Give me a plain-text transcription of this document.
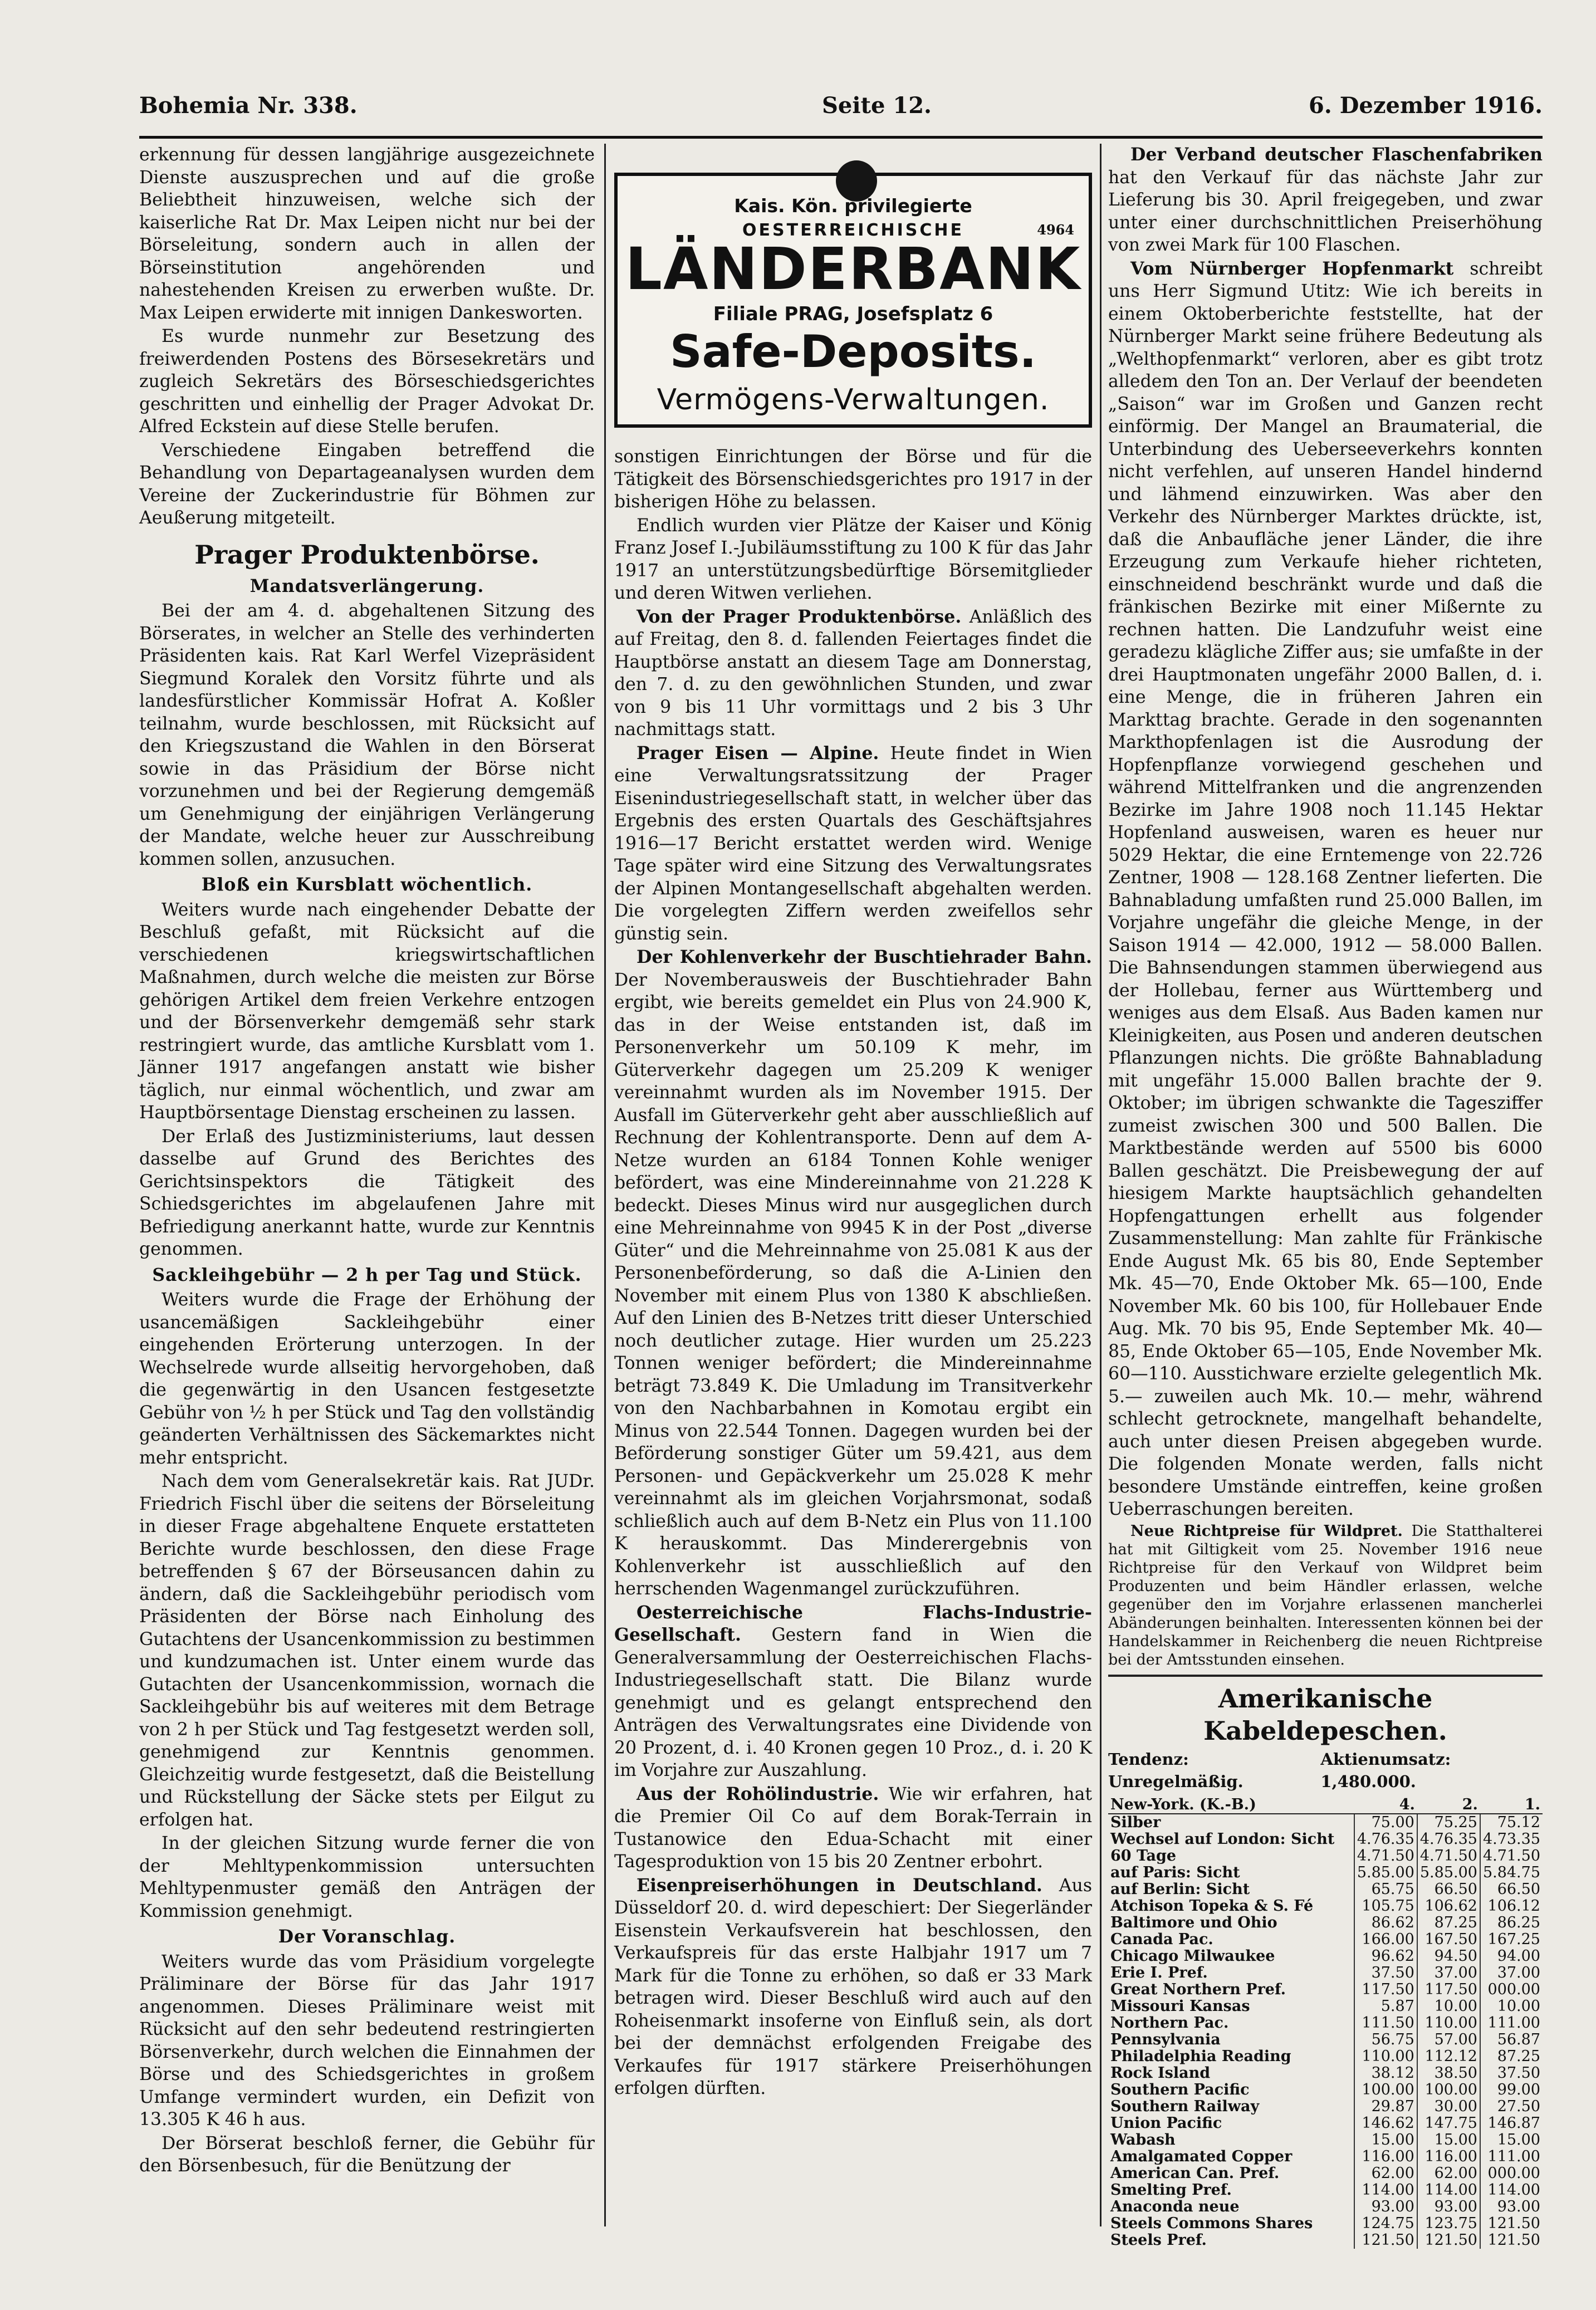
Bohemia Nr. 338.	Seite 12.	6. Dezember 1916.

erkennung für dessen langjährige ausgezeichnete Dienste auszusprechen und auf die große Beliebtheit hinzuweisen, welche sich der kaiserliche Rat Dr. Max Leipen nicht nur bei der Börseleitung, sondern auch in allen der Börseinstitution angehörenden und nahestehenden Kreisen zu erwerben wußte. Dr. Max Leipen erwiderte mit innigen Dankesworten.

Es wurde nunmehr zur Besetzung des freiwerdenden Postens des Börsesekretärs und zugleich Sekretärs des Börseschiedsgerichtes geschritten und einhellig der Prager Advokat Dr. Alfred Eckstein auf diese Stelle berufen.

Verschiedene Eingaben betreffend die Behandlung von Departageanalysen wurden dem Vereine der Zuckerindustrie für Böhmen zur Aeußerung mitgeteilt.

Prager Produktenbörse.
Mandatsverlängerung.

Bei der am 4. d. abgehaltenen Sitzung des Börserates, in welcher an Stelle des verhinderten Präsidenten kais. Rat Karl Werfel Vizepräsident Siegmund Koralek den Vorsitz führte und als landesfürstlicher Kommissär Hofrat A. Koßler teilnahm, wurde beschlossen, mit Rücksicht auf den Kriegszustand die Wahlen in den Börserat sowie in das Präsidium der Börse nicht vorzunehmen und bei der Regierung demgemäß um Genehmigung der einjährigen Verlängerung der Mandate, welche heuer zur Ausschreibung kommen sollen, anzusuchen.

Bloß ein Kursblatt wöchentlich.

Weiters wurde nach eingehender Debatte der Beschluß gefaßt, mit Rücksicht auf die verschiedenen kriegswirtschaftlichen Maßnahmen, durch welche die meisten zur Börse gehörigen Artikel dem freien Verkehre entzogen und der Börsenverkehr demgemäß sehr stark restringiert wurde, das amtliche Kursblatt vom 1. Jänner 1917 angefangen anstatt wie bisher täglich, nur einmal wöchentlich, und zwar am Hauptbörsentage Dienstag erscheinen zu lassen.

Der Erlaß des Justizministeriums, laut dessen dasselbe auf Grund des Berichtes des Gerichtsinspektors die Tätigkeit des Schiedsgerichtes im abgelaufenen Jahre mit Befriedigung anerkannt hatte, wurde zur Kenntnis genommen.

Sackleihgebühr — 2 h per Tag und Stück.

Weiters wurde die Frage der Erhöhung der usancemäßigen Sackleihgebühr einer eingehenden Erörterung unterzogen. In der Wechselrede wurde allseitig hervorgehoben, daß die gegenwärtig in den Usancen festgesetzte Gebühr von ½ h per Stück und Tag den vollständig geänderten Verhältnissen des Säckemarktes nicht mehr entspricht.

Nach dem vom Generalsekretär kais. Rat JUDr. Friedrich Fischl über die seitens der Börseleitung in dieser Frage abgehaltene Enquete erstatteten Berichte wurde beschlossen, den diese Frage betreffenden § 67 der Börseusancen dahin zu ändern, daß die Sackleihgebühr periodisch vom Präsidenten der Börse nach Einholung des Gutachtens der Usancenkommission zu bestimmen und kundzumachen ist. Unter einem wurde das Gutachten der Usancenkommission, wornach die Sackleihgebühr bis auf weiteres mit dem Betrage von 2 h per Stück und Tag festgesetzt werden soll, genehmigend zur Kenntnis genommen. Gleichzeitig wurde festgesetzt, daß die Beistellung und Rückstellung der Säcke stets per Eilgut zu erfolgen hat.

In der gleichen Sitzung wurde ferner die von der Mehltypenkommission untersuchten Mehltypenmuster gemäß den Anträgen der Kommission genehmigt.

Der Voranschlag.

Weiters wurde das vom Präsidium vorgelegte Präliminare der Börse für das Jahr 1917 angenommen. Dieses Präliminare weist mit Rücksicht auf den sehr bedeutend restringierten Börsenverkehr, durch welchen die Einnahmen der Börse und des Schiedsgerichtes in großem Umfange vermindert wurden, ein Defizit von 13.305 K 46 h aus.

Der Börserat beschloß ferner, die Gebühr für den Börsenbesuch, für die Benützung der

Kais. Kön. privilegierte
OESTERREICHISCHE	4964
LÄNDERBANK
Filiale PRAG, Josefsplatz 6
Safe-Deposits.
Vermögens-Verwaltungen.

sonstigen Einrichtungen der Börse und für die Tätigkeit des Börsenschiedsgerichtes pro 1917 in der bisherigen Höhe zu belassen.

Endlich wurden vier Plätze der Kaiser und König Franz Josef I.-Jubiläumsstiftung zu 100 K für das Jahr 1917 an unterstützungsbedürftige Börsemitglieder und deren Witwen verliehen.

Von der Prager Produktenbörse. Anläßlich des auf Freitag, den 8. d. fallenden Feiertages findet die Hauptbörse anstatt an diesem Tage am Donnerstag, den 7. d. zu den gewöhnlichen Stunden, und zwar von 9 bis 11 Uhr vormittags und 2 bis 3 Uhr nachmittags statt.

Prager Eisen — Alpine. Heute findet in Wien eine Verwaltungsratssitzung der Prager Eisenindustriegesellschaft statt, in welcher über das Ergebnis des ersten Quartals des Geschäftsjahres 1916—17 Bericht erstattet werden wird. Wenige Tage später wird eine Sitzung des Verwaltungsrates der Alpinen Montangesellschaft abgehalten werden. Die vorgelegten Ziffern werden zweifellos sehr günstig sein.

Der Kohlenverkehr der Buschtiehrader Bahn. Der Novemberausweis der Buschtiehrader Bahn ergibt, wie bereits gemeldet ein Plus von 24.900 K, das in der Weise entstanden ist, daß im Personenverkehr um 50.109 K mehr, im Güterverkehr dagegen um 25.209 K weniger vereinnahmt wurden als im November 1915. Der Ausfall im Güterverkehr geht aber ausschließlich auf Rechnung der Kohlentransporte. Denn auf dem A-Netze wurden an 6184 Tonnen Kohle weniger befördert, was eine Mindereinnahme von 21.228 K bedeckt. Dieses Minus wird nur ausgeglichen durch eine Mehreinnahme von 9945 K in der Post „diverse Güter“ und die Mehreinnahme von 25.081 K aus der Personenbeförderung, so daß die A-Linien den November mit einem Plus von 1380 K abschließen. Auf den Linien des B-Netzes tritt dieser Unterschied noch deutlicher zutage. Hier wurden um 25.223 Tonnen weniger befördert; die Mindereinnahme beträgt 73.849 K. Die Umladung im Transitverkehr von den Nachbarbahnen in Komotau ergibt ein Minus von 22.544 Tonnen. Dagegen wurden bei der Beförderung sonstiger Güter um 59.421, aus dem Personen- und Gepäckverkehr um 25.028 K mehr vereinnahmt als im gleichen Vorjahrsmonat, sodaß schließlich auch auf dem B-Netz ein Plus von 11.100 K herauskommt. Das Minderergebnis von Kohlenverkehr ist ausschließlich auf den herrschenden Wagenmangel zurückzuführen.

Oesterreichische Flachs-Industrie-Gesellschaft. Gestern fand in Wien die Generalversammlung der Oesterreichischen Flachs-Industriegesellschaft statt. Die Bilanz wurde genehmigt und es gelangt entsprechend den Anträgen des Verwaltungsrates eine Dividende von 20 Prozent, d. i. 40 Kronen gegen 10 Proz., d. i. 20 K im Vorjahre zur Auszahlung.

Aus der Rohölindustrie. Wie wir erfahren, hat die Premier Oil Co auf dem Borak-Terrain in Tustanowice den Edua-Schacht mit einer Tagesproduktion von 15 bis 20 Zentner erbohrt.

Eisenpreiserhöhungen in Deutschland. Aus Düsseldorf 20. d. wird depeschiert: Der Siegerländer Eisenstein Verkaufsverein hat beschlossen, den Verkaufspreis für das erste Halbjahr 1917 um 7 Mark für die Tonne zu erhöhen, so daß er 33 Mark betragen wird. Dieser Beschluß wird auch auf den Roheisenmarkt insoferne von Einfluß sein, als dort bei der demnächst erfolgenden Freigabe des Verkaufes für 1917 stärkere Preiserhöhungen erfolgen dürften.

Der Verband deutscher Flaschenfabriken hat den Verkauf für das nächste Jahr zur Lieferung bis 30. April freigegeben, und zwar unter einer durchschnittlichen Preiserhöhung von zwei Mark für 100 Flaschen.

Vom Nürnberger Hopfenmarkt schreibt uns Herr Sigmund Utitz: Wie ich bereits in einem Oktoberberichte feststellte, hat der Nürnberger Markt seine frühere Bedeutung als „Welthopfenmarkt“ verloren, aber es gibt trotz alledem den Ton an. Der Verlauf der beendeten „Saison“ war im Großen und Ganzen recht einförmig. Der Mangel an Braumaterial, die Unterbindung des Ueberseeverkehrs konnten nicht verfehlen, auf unseren Handel hindernd und lähmend einzuwirken. Was aber den Verkehr des Nürnberger Marktes drückte, ist, daß die Anbaufläche jener Länder, die ihre Erzeugung zum Verkaufe hieher richteten, einschneidend beschränkt wurde und daß die fränkischen Bezirke mit einer Mißernte zu rechnen hatten. Die Landzufuhr weist eine geradezu klägliche Ziffer aus; sie umfaßte in der drei Hauptmonaten ungefähr 2000 Ballen, d. i. eine Menge, die in früheren Jahren ein Markttag brachte. Gerade in den sogenannten Markthopfenlagen ist die Ausrodung der Hopfenpflanze vorwiegend geschehen und während Mittelfranken und die angrenzenden Bezirke im Jahre 1908 noch 11.145 Hektar Hopfenland ausweisen, waren es heuer nur 5029 Hektar, die eine Erntemenge von 22.726 Zentner, 1908 — 128.168 Zentner lieferten. Die Bahnabladung umfaßten rund 25.000 Ballen, im Vorjahre ungefähr die gleiche Menge, in der Saison 1914 — 42.000, 1912 — 58.000 Ballen. Die Bahnsendungen stammen überwiegend aus der Hollebau, ferner aus Württemberg und weniges aus dem Elsaß. Aus Baden kamen nur Kleinigkeiten, aus Posen und anderen deutschen Pflanzungen nichts. Die größte Bahnabladung mit ungefähr 15.000 Ballen brachte der 9. Oktober; im übrigen schwankte die Tagesziffer zumeist zwischen 300 und 500 Ballen. Die Marktbestände werden auf 5500 bis 6000 Ballen geschätzt. Die Preisbewegung der auf hiesigem Markte hauptsächlich gehandelten Hopfengattungen erhellt aus folgender Zusammenstellung: Man zahlte für Fränkische Ende August Mk. 65 bis 80, Ende September Mk. 45—70, Ende Oktober Mk. 65—100, Ende November Mk. 60 bis 100, für Hollebauer Ende Aug. Mk. 70 bis 95, Ende September Mk. 40—85, Ende Oktober 65—105, Ende November Mk. 60—110. Ausstichware erzielte gelegentlich Mk. 5.— zuweilen auch Mk. 10.— mehr, während schlecht getrocknete, mangelhaft behandelte, auch unter diesen Preisen abgegeben wurde. Die folgenden Monate werden, falls nicht besondere Umstände eintreffen, keine großen Ueberraschungen bereiten.

Neue Richtpreise für Wildpret. Die Statthalterei hat mit Giltigkeit vom 25. November 1916 neue Richtpreise für den Verkauf von Wildpret beim Produzenten und beim Händler erlassen, welche gegenüber den im Vorjahre erlassenen mancherlei Abänderungen beinhalten. Interessenten können bei der Handelskammer in Reichenberg die neuen Richtpreise bei der Amtsstunden einsehen.

Amerikanische Kabeldepeschen.
Tendenz: Unregelmäßig.
Aktienumsatz: 1,480.000.
New-York. (K.-B.)	4.	2.	1.
Silber	75.00	75.25	75.12
Wechsel auf London: Sicht	4.76.35	4.76.35	4.73.35
60 Tage	4.71.50	4.71.50	4.71.50
auf Paris: Sicht	5.85.00	5.85.00	5.84.75
auf Berlin: Sicht	65.75	66.50	66.50
Atchison Topeka & S. Fé	105.75	106.62	106.12
Baltimore und Ohio	86.62	87.25	86.25
Canada Pac.	166.00	167.50	167.25
Chicago Milwaukee	96.62	94.50	94.00
Erie I. Pref.	37.50	37.00	37.00
Great Northern Pref.	117.50	117.50	000.00
Missouri Kansas	5.87	10.00	10.00
Northern Pac.	111.50	110.00	111.00
Pennsylvania	56.75	57.00	56.87
Philadelphia Reading	110.00	112.12	87.25
Rock Island	38.12	38.50	37.50
Southern Pacific	100.00	100.00	99.00
Southern Railway	29.87	30.00	27.50
Union Pacific	146.62	147.75	146.87
Wabash	15.00	15.00	15.00
Amalgamated Copper	116.00	116.00	111.00
American Can. Pref.	62.00	62.00	000.00
Smelting Pref.	114.00	114.00	114.00
Anaconda neue	93.00	93.00	93.00
Steels Commons Shares	124.75	123.75	121.50
Steels Pref.	121.50	121.50	121.50
